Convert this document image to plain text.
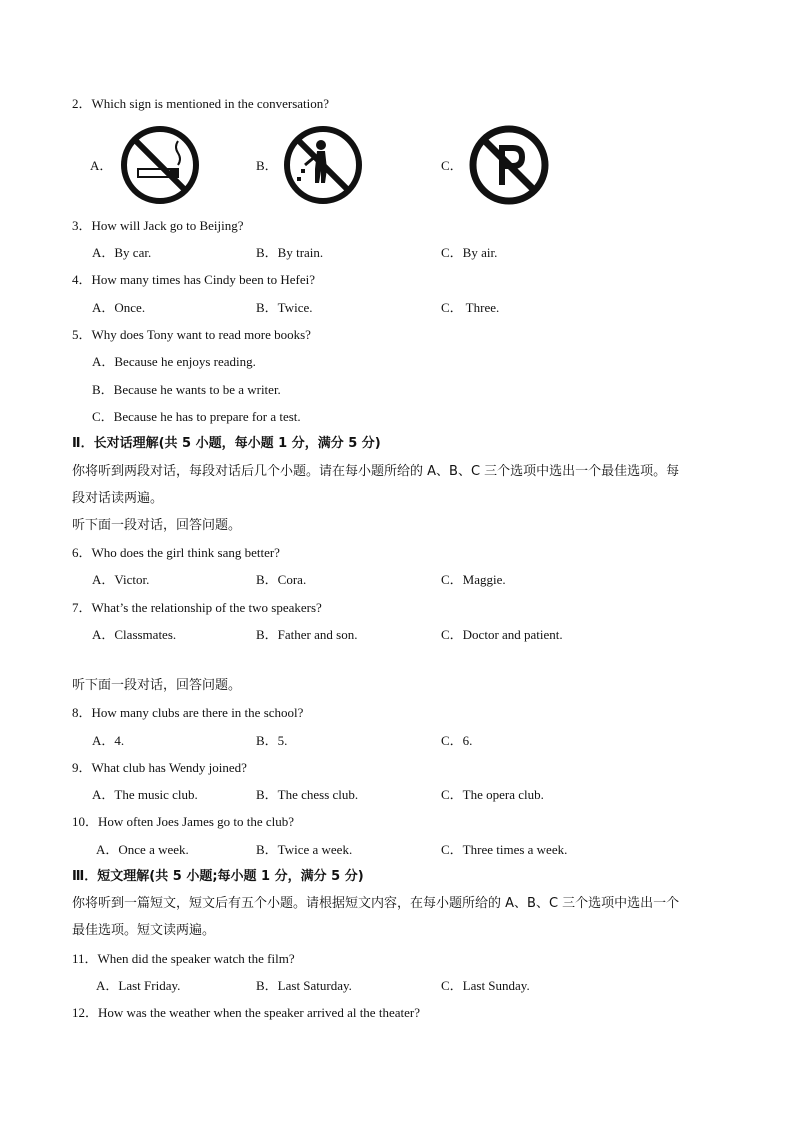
2．Which sign is mentioned in the conversation?
A．	B．	C．
3．How will Jack go to Beijing?
A．By car.	B．By train.	C．By air.
4．How many times has Cindy been to Hefei?
A．Once.	B．Twice.	C． Three.
5．Why does Tony want to read more books?
A．Because he enjoys reading.
B．Because he wants to be a writer.
C．Because he has to prepare for a test.
Ⅱ．长对话理解(共 5 小题，每小题 1 分，满分 5 分)
你将听到两段对话，每段对话后几个小题。请在每小题所给的 A、B、C 三个选项中选出一个最佳选项。每
段对话读两遍。
听下面一段对话，回答问题。
6．Who does the girl think sang better?
A．Victor.	B．Cora.	C．Maggie.
7．What’s the relationship of the two speakers?
A．Classmates.	B．Father and son.	C．Doctor and patient.
听下面一段对话，回答问题。
8．How many clubs are there in the school?
A．4.	B．5.	C．6.
9．What club has Wendy joined?
A．The music club.	B．The chess club.	C．The opera club.
10．How often Joes James go to the club?
A．Once a week.	B．Twice a week.	C．Three times a week.
Ⅲ．短文理解(共 5 小题;每小题 1 分，满分 5 分)
你将听到一篇短文，短文后有五个小题。请根据短文内容，在每小题所给的 A、B、C 三个选项中选出一个
最佳选项。短文读两遍。
11．When did the speaker watch the film?
A．Last Friday.	B．Last Saturday.	C．Last Sunday.
12．How was the weather when the speaker arrived al the theater?
